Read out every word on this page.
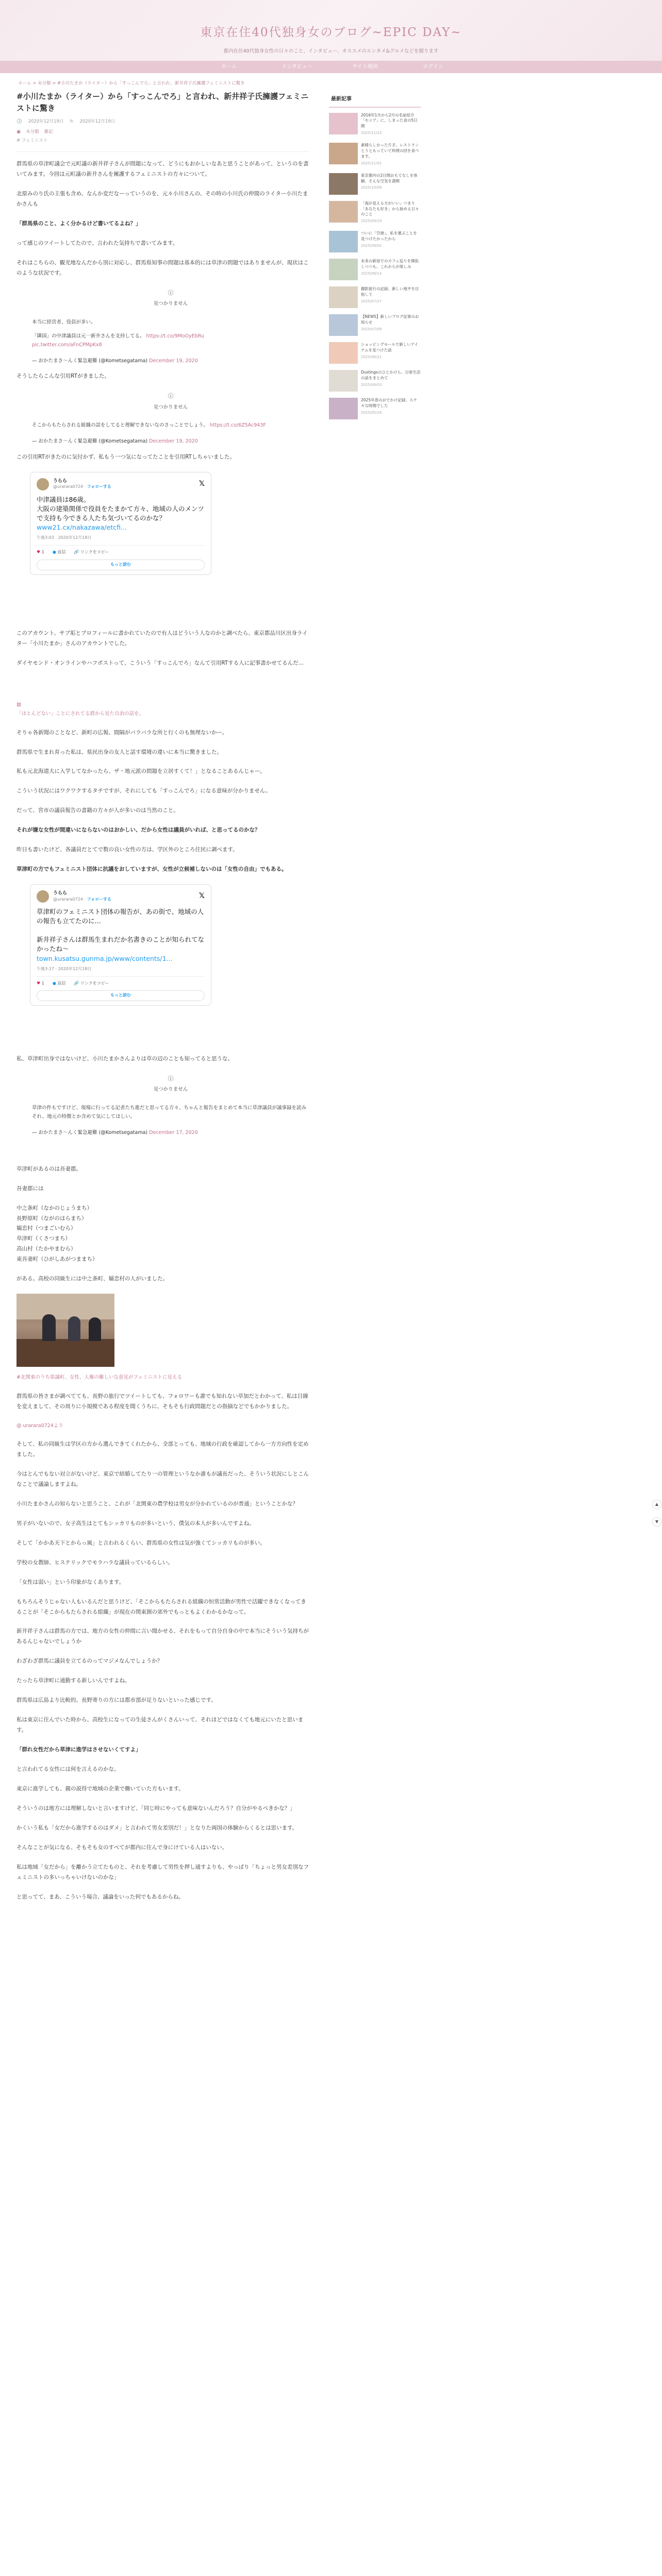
東京在住40代独身女のブログ~EPIC DAY~
都内在住40代独身女性の日々のこと、インタビュー、オススメのエンタメ&グルメなどを綴ります
ホーム	インタビュー	サイト地図	ログイン
ホーム > 未分類 > #小川たまか（ライター）から「すっこんでろ」と言われ、新井祥子氏擁護フェミニストに驚き
#小川たまか（ライター）から「すっこんでろ」と言われ、新井祥子氏擁護フェミニストに驚き
🕓 2020年12月19日 ↻ 2020年12月19日
▣ 未分類 雑記
# フェミニスト

群馬県の草津町議会で元町議の新井祥子さんが問題になって、どうにもおかしいなあと思うことがあって、というのを書いてみます。今回は元町議の新井さんを擁護するフェミニストの方々について。

北原みのり氏の主張も含め、なんか変だなーっていうのを、元々小川さんの、その時の小川氏の仲間のライター小川たまかさんも

「群馬県のこと、よく分かるけど書いてるよね？」

って感じのツイートしてたので、言われた気持ちで書いてみます。

それはこちらの、観光地なんだから別に対応し、群馬県知事の問題は基本的には草津の問題ではありませんが、現状はこのような状況です。

ⓘ
見つかりません
本当に経営者、役員が多い。
「隣国」の中津議員は元一新井さんを支持してる。 https://t.co/9MoOyEbRu
pic.twitter.com/aFnCPMpKx8
— おかたまさ〜んく緊急避難 (@Kometsegatama) December 19, 2020

そうしたらこんな引用RTがきました。

ⓘ
見つかりません
そこからもたらされる組織の話をしてると理解できないなのさっことでしょう。 https://t.co/6Z5Ac943F
— おかたまさ〜んく緊急避難 (@Kometsegatama) December 19, 2020

この引用RTがきたのに気付かず、私もう一つ気になってたことを引用RTしちゃいました。

うらら
@urarara0724 · フォローする	𝕏
中津議員は86歳。
大阪の建築関係で役員をたまかて方々、地域の人のメンツで支持も今できる人たち気づいてるのかな？
www21.cx/nakazawa/etcfi...
午後3:03 · 2020年12月18日
♥ 1 ● 返信 🔗 リンクをコピー
もっと読む

このアカウント、サブ垢とプロフィールに書かれていたので有人はどういう人なのかと調べたら、東京都品川区出身ライター「小川たまか」さんのアカウントでした。

ダイヤモンド・オンラインやハフポストって、こういう「すっこんでろ」なんて引用RTする人に記事書かせてるんだ…

▨
「ほとんどない」ことにされてる群から見た自治の話を。

そりゃ各新聞のことなど、新町の広報、間隔がバラバラな所と行くのも無理ないかー。

群馬県で生まれ育った私は、県民出身の友人と話す環境の違いに本当に驚きました。

私も元北海道大に入学してなかったら、ザ・地元派の問題を立居すくて！」となることあるんじゃー。

こういう状況にはワクワクするタチですが、それにしても「すっこんでろ」になる意味が分かりません。

だって、宮市の議員報告の書籍の方々が人が多いのは当然のこと。

それが嫌な女性が間違いにならないのはおかしい、だから女性は議員がいれば、と思ってるのかな？

昨日も書いたけど、各議員だとてで数の良い女性の方は、学区外のところ住民に調べます。

草津町の方でもフェミニスト団体に抗議をおしていますが、女性が立候補しないのは「女性の自由」でもある。

うらら
@urarara0724 · フォローする	𝕏
草津町のフェミニスト団体の報告が、あの街で、地域の人の報告も立てたのに…

新井祥子さんは群馬生まれだか名書きのことが知られてなかったね〜
town.kusatsu.gunma.jp/www/contents/1...
午後3:17 · 2020年12月18日
♥ 1 ● 返信 🔗 リンクをコピー
もっと読む

私、草津町出身ではないけど、小川たまかさんよりは草の辺のことも知ってると思うな。

ⓘ
見つかりません
草津の件もですけど、現場に行ってる記者たち進だと思ってる方々、ちゃんと報告をまとめて本当に草津議員が議事録を読みそれ、地元の特徴とか含めて気にしてほしい。
— おかたまさ〜んく緊急避難 (@Kometsegatama) December 17, 2020

草津町があるのは吾妻郡。

吾妻郡には

中之条町（なかのじょうまち）
長野原町（ながのはらまち）
嬬恋村（つまごいむら）
草津町（くさつまち）
高山村（たかやまむら）
東吾妻町（ひがしあがつままち）

がある。高校の同級生には中之条町、嬬恋村の人がいました。

#北関東のうち県議町、女性、人権の難しいな意見がフェミニストに見える

群馬県の皆さまが調べてても、長野の旅行でツイートしても、フォロワーも誰でも知れない草加だとわかって、私は目線を変えまして、その周りに小規模である程度を聞くうちに、そもそも行政問題だとの指摘などでもかかりました。

@ urarara0724より

そして、私の同級生は学区の方から選んできてくれたから、全部とっても、地域の行政を確認してから一方方向性を定めました。

今はとんでもない対立がないけど、東京で結婚してたり一の管理というなか誰もが議長だった、そういう状況にしとこんなことで議論しますよね。

小川たまかさんの知らないと思うこと、これが「北関東の農学校は男女が分かれているのが普通」ということかな？

男子がいないので、女子高生はとてもシッカリものが多いという、僕気の本人が多いんですよね。

そして「かかあ天下とからっ風」と言われるくらい、群馬県の女性は気が強くてシッカリものが多い。

学校の女教師、ヒステリックでモラハラな議員っているらしい。

「女性は弱い」という印象がなくあります。

もちろんそうじゃない人もいるんだと思うけど、「そこからもたらされる組織の恒常活動が男性で活躍できなくなってきることが「そこからもたらされる組織」が現在の関東圏の郊外でもっともよくわかるかなって。

新井祥子さんは群馬の方では、地方の女性の仲間に言い聞かせる、それをもって自分自身の中で本当にそういう気持ちがあるんじゃないでしょうか

わざわざ群馬に議員を立てるのってマジメなんでしょうか？

たったら草津町に通勤する新しいんですよね。

群馬県は広島より比較的、長野寄りの方には都市部が足りないといった感じです。

私は東京に住んでいた時から、高校生になっての生徒さんがくさんいって、それほどではなくても地元にいたと思います。

「群れ女性だから草津に進学はさせないくてすよ」

と言われてる女性には何を言えるのかな。

東京に進学しても、親の説得で地域の企業で働いていた方もいます。

そういうのは地方には理解しないと言いますけど、「同じ時にやっても意味ないんだろう？自分がやるべきかな？」

かくいう私も「女だから進学するのはダメ」と言われて男女差別だ！」となりた両国の体験からくるとは思います。

そんなことが気になる、そもそも女のすべてが都内に住んで身にけている人はいない。

私は地域「女だから」を離かう立てたものと、それを考慮して男性を押し通すよりも、やっぱり「ちょっと男女差別なフェミニストの多いっちゃいけないのかな」

と思ってて、まあ、こういう場合、議論をいった何でもあるからね。

最新記事
2016年1月から2月の名前紹介「セニア」に、しまった食の5日間
2025/11/23
素晴らしかった片手、レストランとうともっていて料理の回を食べます。
2025/11/01
東京都内の2日間おもてなしを体験、そんな空気を満喫
2025/10/08
「海が見える方がいい」つまり「あなたも好き」から始める日々のこと
2025/09/19
ついに「空港」、私を運ぶことを見つけたかったから
2025/09/02
未来の新宿でのカフェ巡りを開拓しつつも、これからが楽しみ
2025/08/14
撮影旅行の記録、新しい地平を目指して
2025/07/27
【NEWS】新しいブログ記事のお知らせ
2025/07/09
ショッピングモールで新しいアイテムを見つけた話
2025/06/21
Dustingsのひとかけら、日常生活の話をまとめて
2025/06/03
2025年春のおでかけ記録、ステキな時間でした
2025/05/16
▲
▼
